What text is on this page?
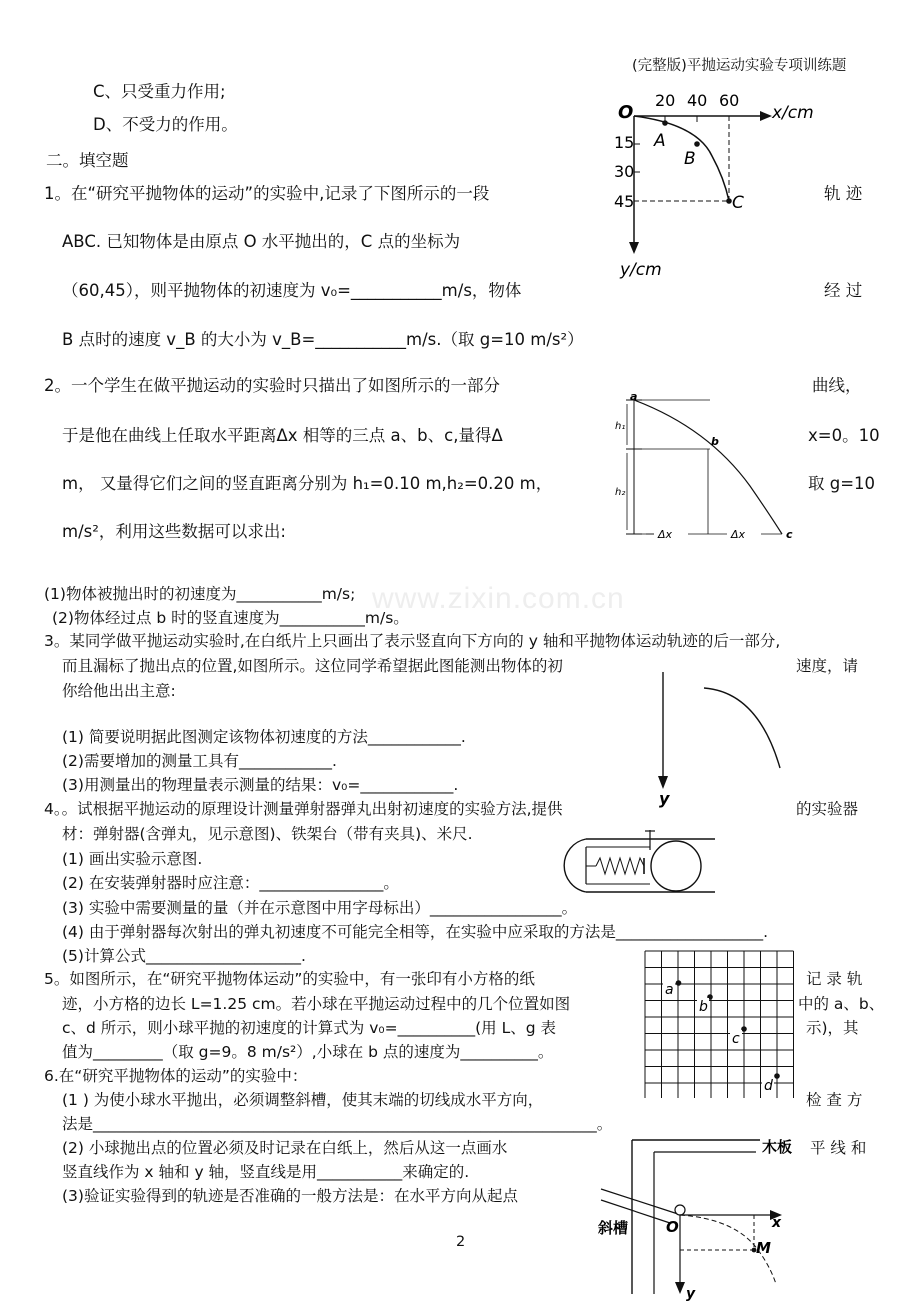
(完整版)平抛运动实验专项训练题
www.zixin.com.cn
C、只受重力作用;
D、不受力的作用。
二。填空题
1。在“研究平抛物体的运动”的实验中,记录了下图所示的一段	轨 迹
ABC. 已知物体是由原点 O 水平抛出的，C 点的坐标为
（60,45），则平抛物体的初速度为 v₀=___________m/s，物体	经 过
B 点时的速度 v_B 的大小为 v_B=___________m/s.（取 g=10 m/s²）
O
20 40 60
x/cm
15
30
45
y/cm
A
B
C
2。一个学生在做平抛运动的实验时只描出了如图所示的一部分	曲线，
于是他在曲线上任取水平距离Δx 相等的三点 a、b、c,量得Δ	x=0。10
m， 又量得它们之间的竖直距离分别为 h₁=0.10 m,h₂=0.20 m，	取 g=10
m/s²，利用这些数据可以求出:
a
b
c
h₁
h₂
Δx	Δx
(1)物体被抛出时的初速度为___________m/s;
(2)物体经过点 b 时的竖直速度为___________m/s。
3。某同学做平抛运动实验时,在白纸片上只画出了表示竖直向下方向的 y 轴和平抛物体运动轨迹的后一部分,
而且漏标了抛出点的位置,如图所示。这位同学希望据此图能测出物体的初	速度，请
你给他出出主意:
(1) 简要说明据此图测定该物体初速度的方法____________.
(2)需要增加的测量工具有____________.
(3)用测量出的物理量表示测量的结果：v₀=____________.
y
4。。试根据平抛运动的原理设计测量弹射器弹丸出射初速度的实验方法,提供	的实验器
材：弹射器(含弹丸，见示意图)、铁架台（带有夹具)、米尺.
(1) 画出实验示意图.
(2) 在安装弹射器时应注意：________________。
(3) 实验中需要测量的量（并在示意图中用字母标出）_________________。
(4) 由于弹射器每次射出的弹丸初速度不可能完全相等，在实验中应采取的方法是___________________.
(5)计算公式____________________.
5。如图所示，在“研究平抛物体运动”的实验中，有一张印有小方格的纸	记 录 轨
迹，小方格的边长 L=1.25 cm。若小球在平抛运动过程中的几个位置如图	中的 a、b、
c、d 所示，则小球平抛的初速度的计算式为 v₀=__________(用 L、g 表	示)，其
值为_________（取 g=9。8 m/s²）,小球在 b 点的速度为__________。
a
b
c
d
6.在“研究平抛物体的运动”的实验中：
(1 ) 为使小球水平抛出，必须调整斜槽，使其末端的切线成水平方向，	检 查 方
法是_________________________________________________________________。
(2) 小球抛出点的位置必须及时记录在白纸上，然后从这一点画水	平 线 和
竖直线作为 x 轴和 y 轴，竖直线是用___________来确定的.
(3)验证实验得到的轨迹是否准确的一般方法是：在水平方向从起点
木板
斜槽	O
M
x
y
2
